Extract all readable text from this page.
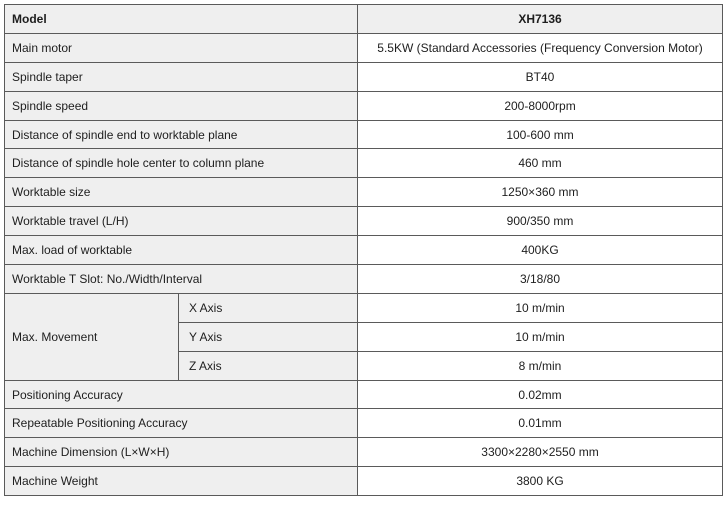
Model		XH7136
Main motor		5.5KW (Standard Accessories (Frequency Conversion Motor)
Spindle taper		BT40
Spindle speed		200-8000rpm
Distance of spindle end to worktable plane		100-600 mm
Distance of spindle hole center to column plane		460 mm
Worktable size		1250×360 mm
Worktable travel (L/H)		900/350 mm
Max. load of worktable		400KG
Worktable T Slot: No./Width/Interval		3/18/80
Max. Movement	X Axis	10 m/min
	Y Axis	10 m/min
	Z Axis	8 m/min
Positioning Accuracy		0.02mm
Repeatable Positioning Accuracy		0.01mm
Machine Dimension (L×W×H)		3300×2280×2550 mm
Machine Weight		3800 KG
